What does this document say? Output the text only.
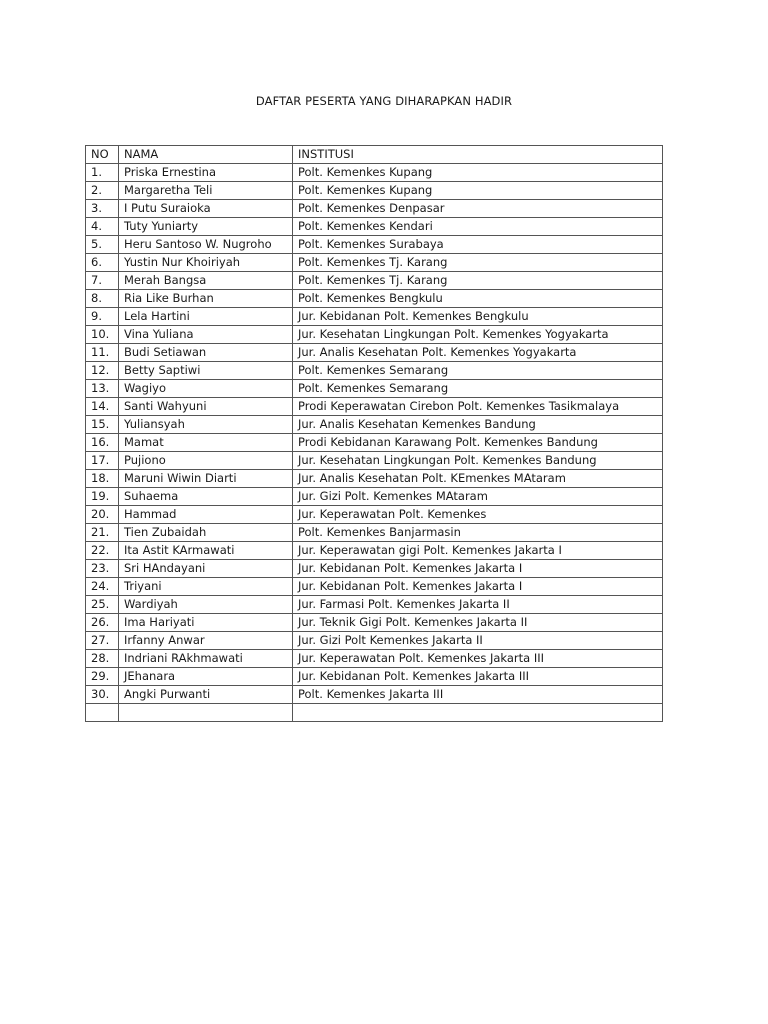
DAFTAR PESERTA YANG DIHARAPKAN HADIR
NO	NAMA	INSTITUSI
1.	Priska Ernestina	Polt. Kemenkes Kupang
2.	Margaretha Teli	Polt. Kemenkes Kupang
3.	I Putu Suraioka	Polt. Kemenkes Denpasar
4.	Tuty Yuniarty	Polt. Kemenkes Kendari
5.	Heru Santoso W. Nugroho	Polt. Kemenkes Surabaya
6.	Yustin Nur Khoiriyah	Polt. Kemenkes Tj. Karang
7.	Merah Bangsa	Polt. Kemenkes Tj. Karang
8.	Ria Like Burhan	Polt. Kemenkes Bengkulu
9.	Lela Hartini	Jur. Kebidanan Polt. Kemenkes Bengkulu
10.	Vina Yuliana	Jur. Kesehatan Lingkungan Polt. Kemenkes Yogyakarta
11.	Budi Setiawan	Jur. Analis Kesehatan Polt. Kemenkes Yogyakarta
12.	Betty Saptiwi	Polt. Kemenkes Semarang
13.	Wagiyo	Polt. Kemenkes Semarang
14.	Santi Wahyuni	Prodi Keperawatan Cirebon Polt. Kemenkes Tasikmalaya
15.	Yuliansyah	Jur. Analis Kesehatan Kemenkes Bandung
16.	Mamat	Prodi Kebidanan Karawang Polt. Kemenkes Bandung
17.	Pujiono	Jur. Kesehatan Lingkungan Polt. Kemenkes Bandung
18.	Maruni Wiwin Diarti	Jur. Analis Kesehatan Polt. KEmenkes MAtaram
19.	Suhaema	Jur. Gizi Polt. Kemenkes MAtaram
20.	Hammad	Jur. Keperawatan Polt. Kemenkes
21.	Tien Zubaidah	Polt. Kemenkes Banjarmasin
22.	Ita Astit KArmawati	Jur. Keperawatan gigi Polt. Kemenkes Jakarta I
23.	Sri HAndayani	Jur. Kebidanan Polt. Kemenkes Jakarta I
24.	Triyani	Jur. Kebidanan Polt. Kemenkes Jakarta I
25.	Wardiyah	Jur. Farmasi Polt. Kemenkes Jakarta II
26.	Ima Hariyati	Jur. Teknik Gigi Polt. Kemenkes Jakarta II
27.	Irfanny Anwar	Jur. Gizi Polt Kemenkes Jakarta II
28.	Indriani RAkhmawati	Jur. Keperawatan Polt. Kemenkes Jakarta III
29.	JEhanara	Jur. Kebidanan Polt. Kemenkes Jakarta III
30.	Angki Purwanti	Polt. Kemenkes Jakarta III
